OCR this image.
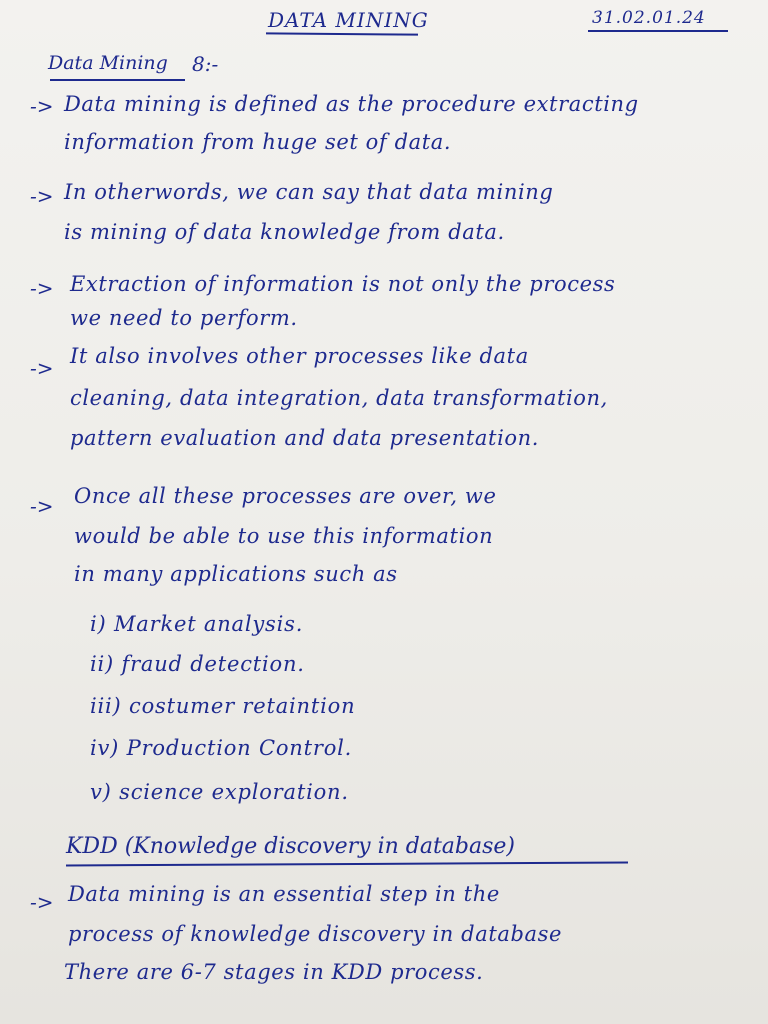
DATA MINING	31.02.01.24
Data Mining 8:-
-> Data mining is defined as the procedure extracting
information from huge set of data.
-> In otherwords, we can say that data mining
is mining of data knowledge from data.
-> Extraction of information is not only the process
we need to perform.
-> It also involves other processes like data
cleaning, data integration, data transformation,
pattern evaluation and data presentation.
-> Once all these processes are over, we
would be able to use this information
in many applications such as
i) Market analysis.
ii) fraud detection.
iii) costumer retaintion
iv) Production Control.
v) science exploration.
KDD (Knowledge discovery in database)
-> Data mining is an essential step in the
process of knowledge discovery in database
There are 6-7 stages in KDD process.
